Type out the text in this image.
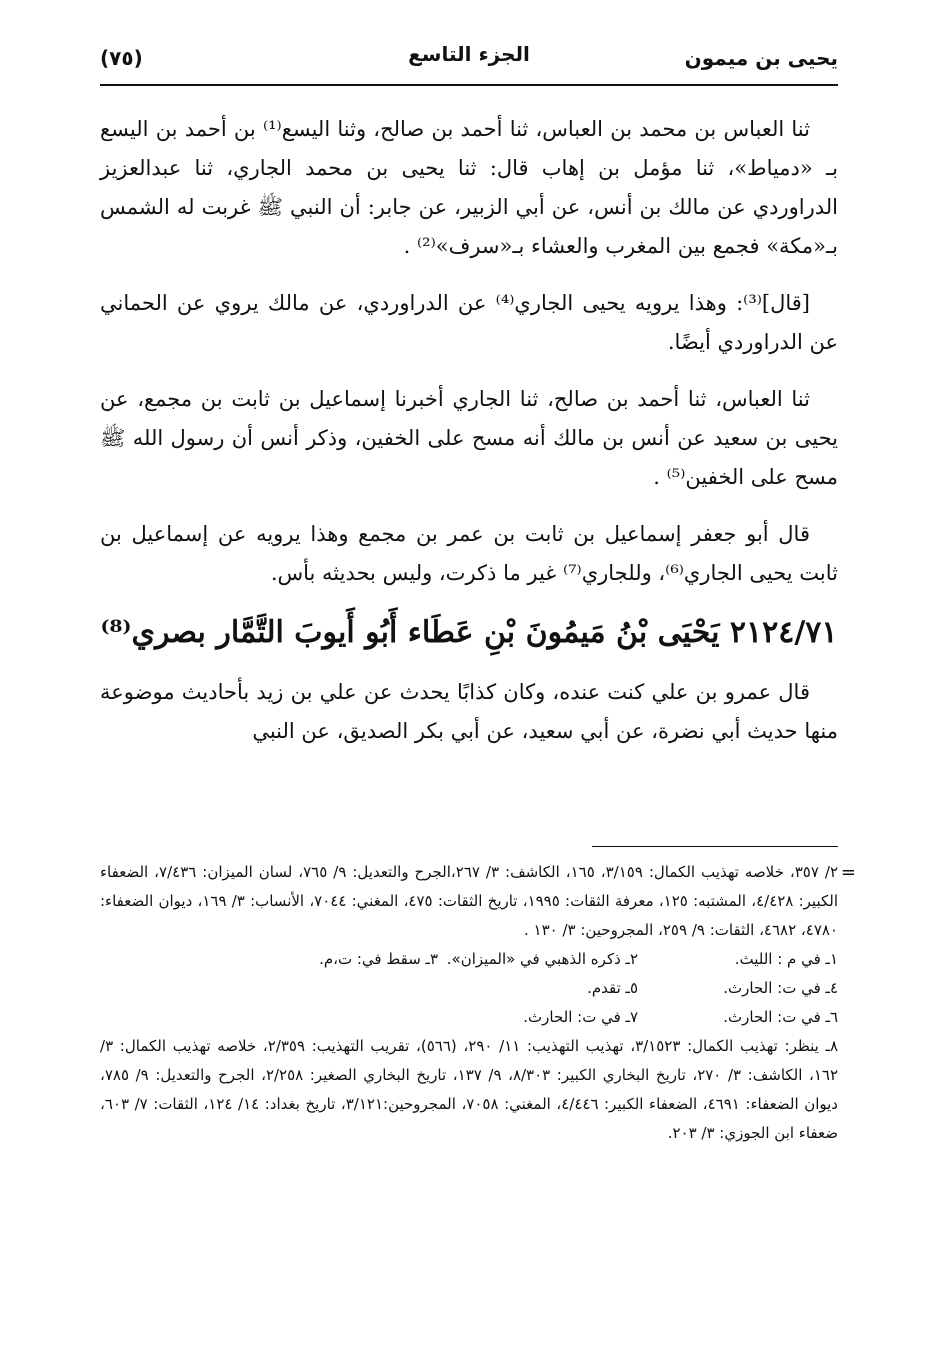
يحيى بن ميمون
الجزء التاسع
(٧٥)

ثنا العباس بن محمد بن العباس، ثنا أحمد بن صالح، وثنا اليسع⁽¹⁾ بن أحمد بن اليسع بـ «دمياط»، ثنا مؤمل بن إهاب قال: ثنا يحيى بن محمد الجاري، ثنا عبدالعزيز الدراوردي عن مالك بن أنس، عن أبي الزبير، عن جابر: أن النبي ﷺ غربت له الشمس بـ«مكة» فجمع بين المغرب والعشاء بـ«سرف»⁽²⁾ .

[قال]⁽³⁾: وهذا يرويه يحيى الجاري⁽⁴⁾ عن الدراوردي، عن مالك يروي عن الحماني عن الدراوردي أيضًا.

ثنا العباس، ثنا أحمد بن صالح، ثنا الجاري أخبرنا إسماعيل بن ثابت بن مجمع، عن يحيى بن سعيد عن أنس بن مالك أنه مسح على الخفين، وذكر أنس أن رسول الله ﷺ مسح على الخفين⁽⁵⁾ .

قال أبو جعفر إسماعيل بن ثابت بن عمر بن مجمع وهذا يرويه عن إسماعيل بن ثابت يحيى الجاري⁽⁶⁾، وللجاري⁽⁷⁾ غير ما ذكرت، وليس بحديثه بأس.

٢١٢٤/٧١ يَحْيَى بْنُ مَيمُونَ بْنِ عَطَاء أَبُو أَيوبَ التَّمَّار بصري⁽⁸⁾

قال عمرو بن علي كنت عنده، وكان كذابًا يحدث عن علي بن زيد بأحاديث موضوعة منها حديث أبي نضرة، عن أبي سعيد، عن أبي بكر الصديق، عن النبي

=
٢/ ٣٥٧، خلاصه تهذيب الكمال: ٣/١٥٩، ١٦٥، الكاشف: ٣/ ٢٦٧،الجرح والتعديل: ٩/ ٧٦٥، لسان الميزان: ٧/٤٣٦، الضعفاء الكبير: ٤/٤٢٨، المشتبه: ١٢٥، معرفة الثقات: ١٩٩٥، تاريخ الثقات: ٤٧٥، المغني: ٧٠٤٤، الأنساب: ٣/ ١٦٩، ديوان الضعفاء: ٤٧٨٠، ٤٦٨٢، الثقات: ٩/ ٢٥٩، المجروحين: ٣/ ١٣٠ .

١ـ في م : الليث.
٢ـ ذكره الذهبي في «الميزان».
٣ـ سقط في: ت،م.
٤ـ في ت: الحارث.
٥ـ تقدم.
٦ـ في ت: الحارث.
٧ـ في ت: الحارث.

٨ـ ينظر: تهذيب الكمال: ٣/١٥٢٣، تهذيب التهذيب: ١١/ ٢٩٠، (٥٦٦)، تقريب التهذيب: ٢/٣٥٩، خلاصه تهذيب الكمال: ٣/ ١٦٢، الكاشف: ٣/ ٢٧٠، تاريخ البخاري الكبير: ٨/٣٠٣، ٩/ ١٣٧، تاريخ البخاري الصغير: ٢/٢٥٨، الجرح والتعديل: ٩/ ٧٨٥، ديوان الضعفاء: ٤٦٩١، الضعفاء الكبير: ٤/٤٤٦، المغني: ٧٠٥٨، المجروحين:٣/١٢١، تاريخ بغداد: ١٤/ ١٢٤، الثقات: ٧/ ٦٠٣، ضعفاء ابن الجوزي: ٣/ ٢٠٣.
